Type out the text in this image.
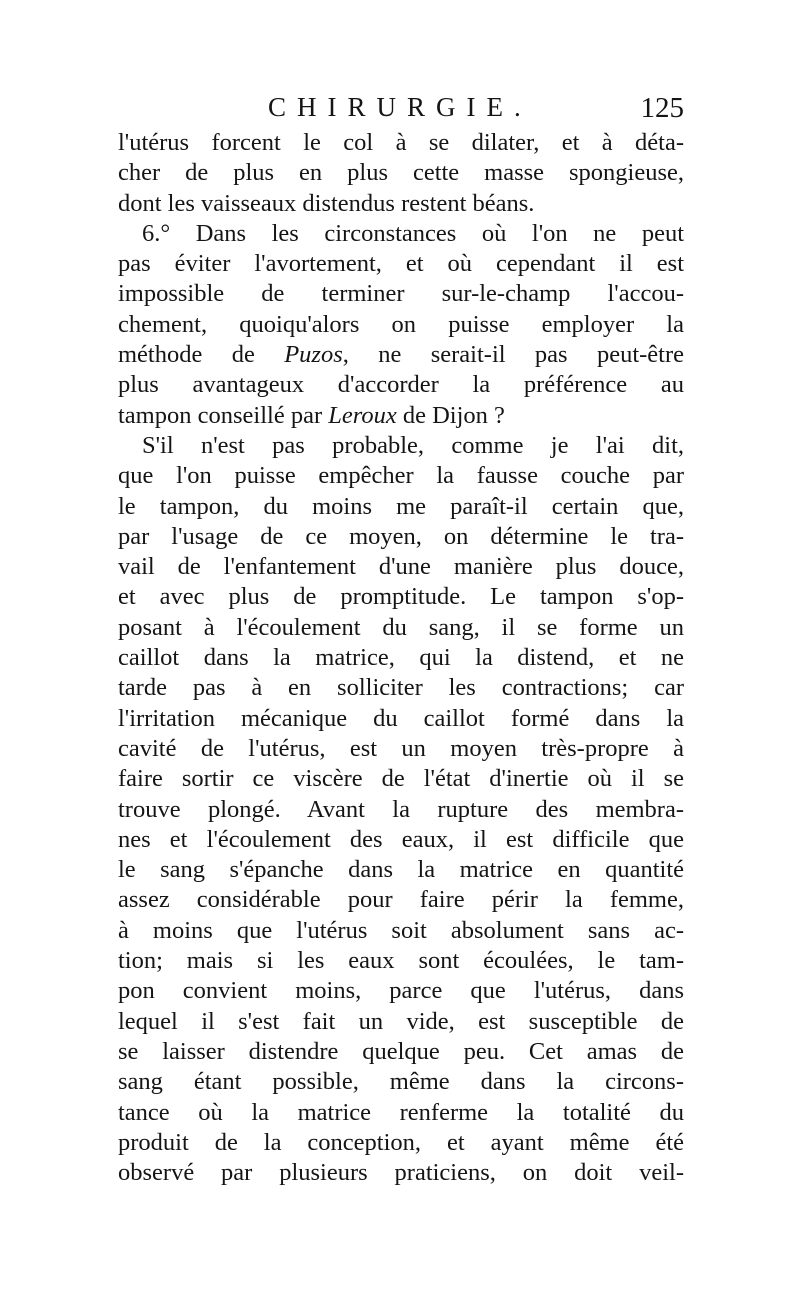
CHIRURGIE.	125
l'utérus forcent le col à se dilater, et à déta-
cher de plus en plus cette masse spongieuse,
dont les vaisseaux distendus restent béans.
6.° Dans les circonstances où l'on ne peut
pas éviter l'avortement, et où cependant il est
impossible de terminer sur-le-champ l'accou-
chement, quoiqu'alors on puisse employer la
méthode de Puzos, ne serait-il pas peut-être
plus avantageux d'accorder la préférence au
tampon conseillé par Leroux de Dijon ?
S'il n'est pas probable, comme je l'ai dit,
que l'on puisse empêcher la fausse couche par
le tampon, du moins me paraît-il certain que,
par l'usage de ce moyen, on détermine le tra-
vail de l'enfantement d'une manière plus douce,
et avec plus de promptitude. Le tampon s'op-
posant à l'écoulement du sang, il se forme un
caillot dans la matrice, qui la distend, et ne
tarde pas à en solliciter les contractions; car
l'irritation mécanique du caillot formé dans la
cavité de l'utérus, est un moyen très-propre à
faire sortir ce viscère de l'état d'inertie où il se
trouve plongé. Avant la rupture des membra-
nes et l'écoulement des eaux, il est difficile que
le sang s'épanche dans la matrice en quantité
assez considérable pour faire périr la femme,
à moins que l'utérus soit absolument sans ac-
tion; mais si les eaux sont écoulées, le tam-
pon convient moins, parce que l'utérus, dans
lequel il s'est fait un vide, est susceptible de
se laisser distendre quelque peu. Cet amas de
sang étant possible, même dans la circons-
tance où la matrice renferme la totalité du
produit de la conception, et ayant même été
observé par plusieurs praticiens, on doit veil-
